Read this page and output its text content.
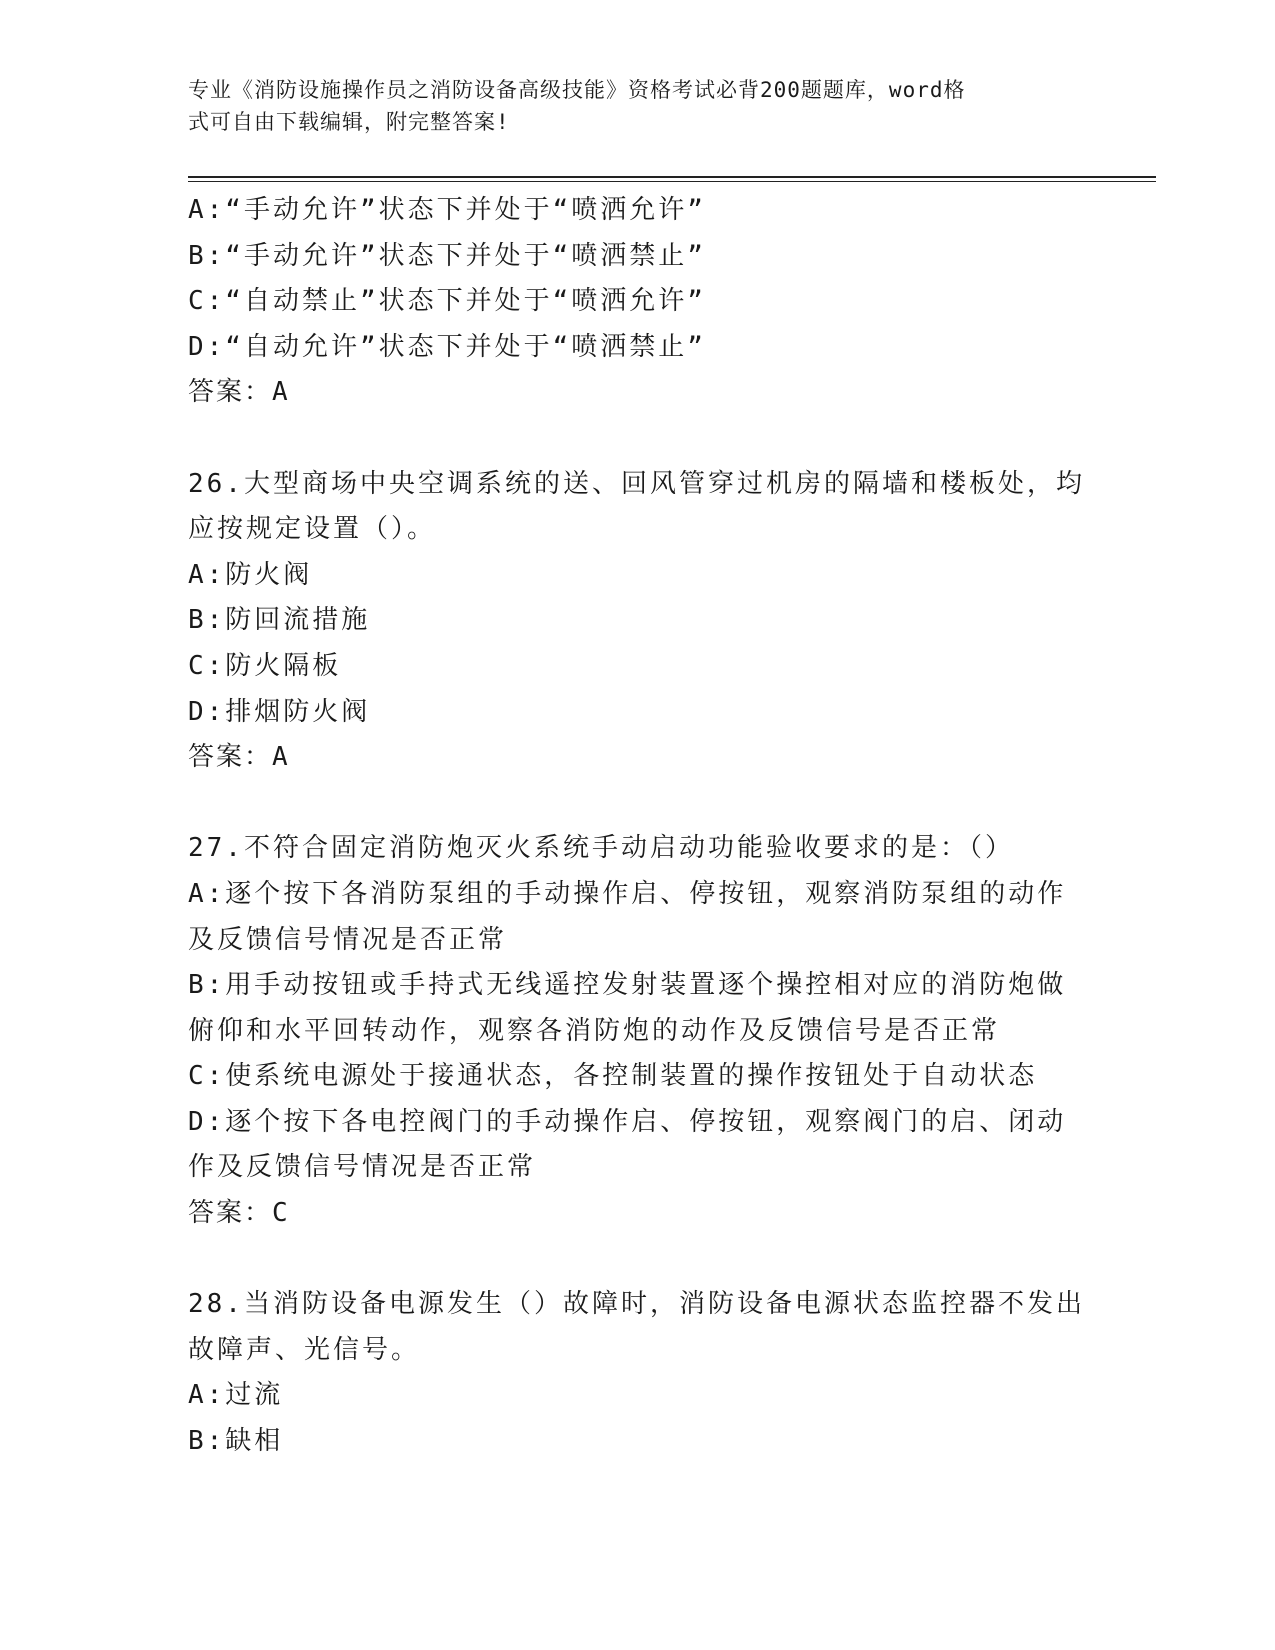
专业《消防设施操作员之消防设备高级技能》资格考试必背200题题库，word格
式可自由下载编辑，附完整答案!
A:“手动允许”状态下并处于“喷洒允许”
B:“手动允许”状态下并处于“喷洒禁止”
C:“自动禁止”状态下并处于“喷洒允许”
D:“自动允许”状态下并处于“喷洒禁止”
答案：A
26.大型商场中央空调系统的送、回风管穿过机房的隔墙和楼板处，均
应按规定设置（）。
A:防火阀
B:防回流措施
C:防火隔板
D:排烟防火阀
答案：A
27.不符合固定消防炮灭火系统手动启动功能验收要求的是：（）
A:逐个按下各消防泵组的手动操作启、停按钮，观察消防泵组的动作
及反馈信号情况是否正常
B:用手动按钮或手持式无线遥控发射装置逐个操控相对应的消防炮做
俯仰和水平回转动作，观察各消防炮的动作及反馈信号是否正常
C:使系统电源处于接通状态，各控制装置的操作按钮处于自动状态
D:逐个按下各电控阀门的手动操作启、停按钮，观察阀门的启、闭动
作及反馈信号情况是否正常
答案：C
28.当消防设备电源发生（）故障时，消防设备电源状态监控器不发出
故障声、光信号。
A:过流
B:缺相
